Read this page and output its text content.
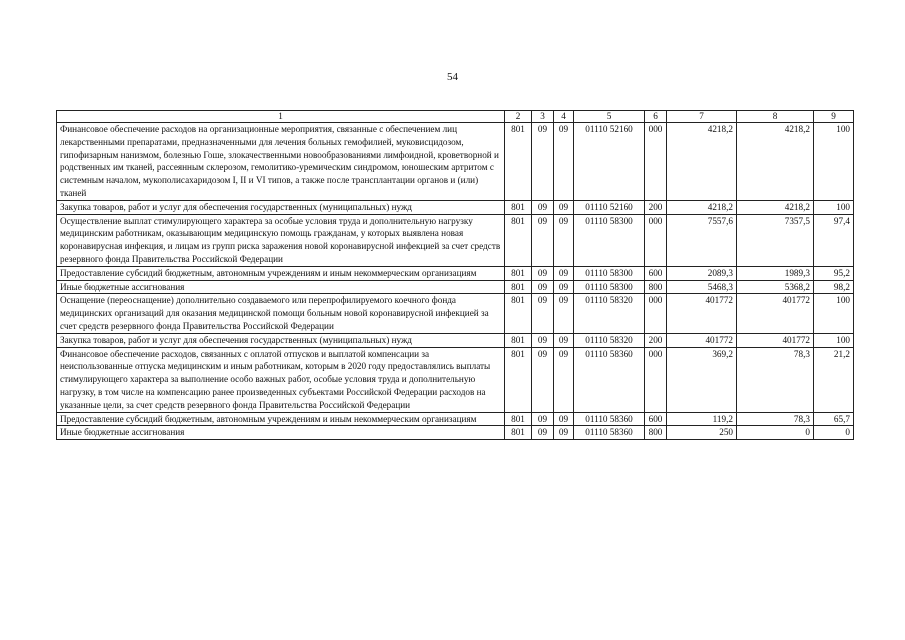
54
1	2	3	4	5	6	7	8	9
Финансовое обеспечение расходов на организационные мероприятия, связанные с обеспечением лиц лекарственными препаратами, предназначенными для лечения больных гемофилией, муковисцидозом, гипофизарным нанизмом, болезнью Гоше, злокачественными новообразованиями лимфоидной, кроветворной и родственных им тканей, рассеянным склерозом, гемолитико-уремическим синдромом, юношеским артритом с системным началом, мукополисахаридозом I, II и VI типов, а также после трансплантации органов и (или) тканей	801	09	09	01110 52160	000	4218,2	4218,2	100
Закупка товаров, работ и услуг для обеспечения государственных (муниципальных) нужд	801	09	09	01110 52160	200	4218,2	4218,2	100
Осуществление выплат стимулирующего характера за особые условия труда и дополнительную нагрузку медицинским работникам, оказывающим медицинскую помощь гражданам, у которых выявлена новая коронавирусная инфекция, и лицам из групп риска заражения новой коронавирусной инфекцией за счет средств резервного фонда Правительства Российской Федерации	801	09	09	01110 58300	000	7557,6	7357,5	97,4
Предоставление субсидий бюджетным, автономным учреждениям и иным некоммерческим организациям	801	09	09	01110 58300	600	2089,3	1989,3	95,2
Иные бюджетные ассигнования	801	09	09	01110 58300	800	5468,3	5368,2	98,2
Оснащение (переоснащение) дополнительно создаваемого или перепрофилируемого коечного фонда медицинских организаций для оказания медицинской помощи больным новой коронавирусной инфекцией за счет средств резервного фонда Правительства Российской Федерации	801	09	09	01110 58320	000	401772	401772	100
Закупка товаров, работ и услуг для обеспечения государственных (муниципальных) нужд	801	09	09	01110 58320	200	401772	401772	100
Финансовое обеспечение расходов, связанных с оплатой отпусков и выплатой компенсации за неиспользованные отпуска медицинским и иным работникам, которым в 2020 году предоставлялись выплаты стимулирующего характера за выполнение особо важных работ, особые условия труда и дополнительную нагрузку, в том числе на компенсацию ранее произведенных субъектами Российской Федерации расходов на указанные цели, за счет средств резервного фонда Правительства Российской Федерации	801	09	09	01110 58360	000	369,2	78,3	21,2
Предоставление субсидий бюджетным, автономным учреждениям и иным некоммерческим организациям	801	09	09	01110 58360	600	119,2	78,3	65,7
Иные бюджетные ассигнования	801	09	09	01110 58360	800	250	0	0
